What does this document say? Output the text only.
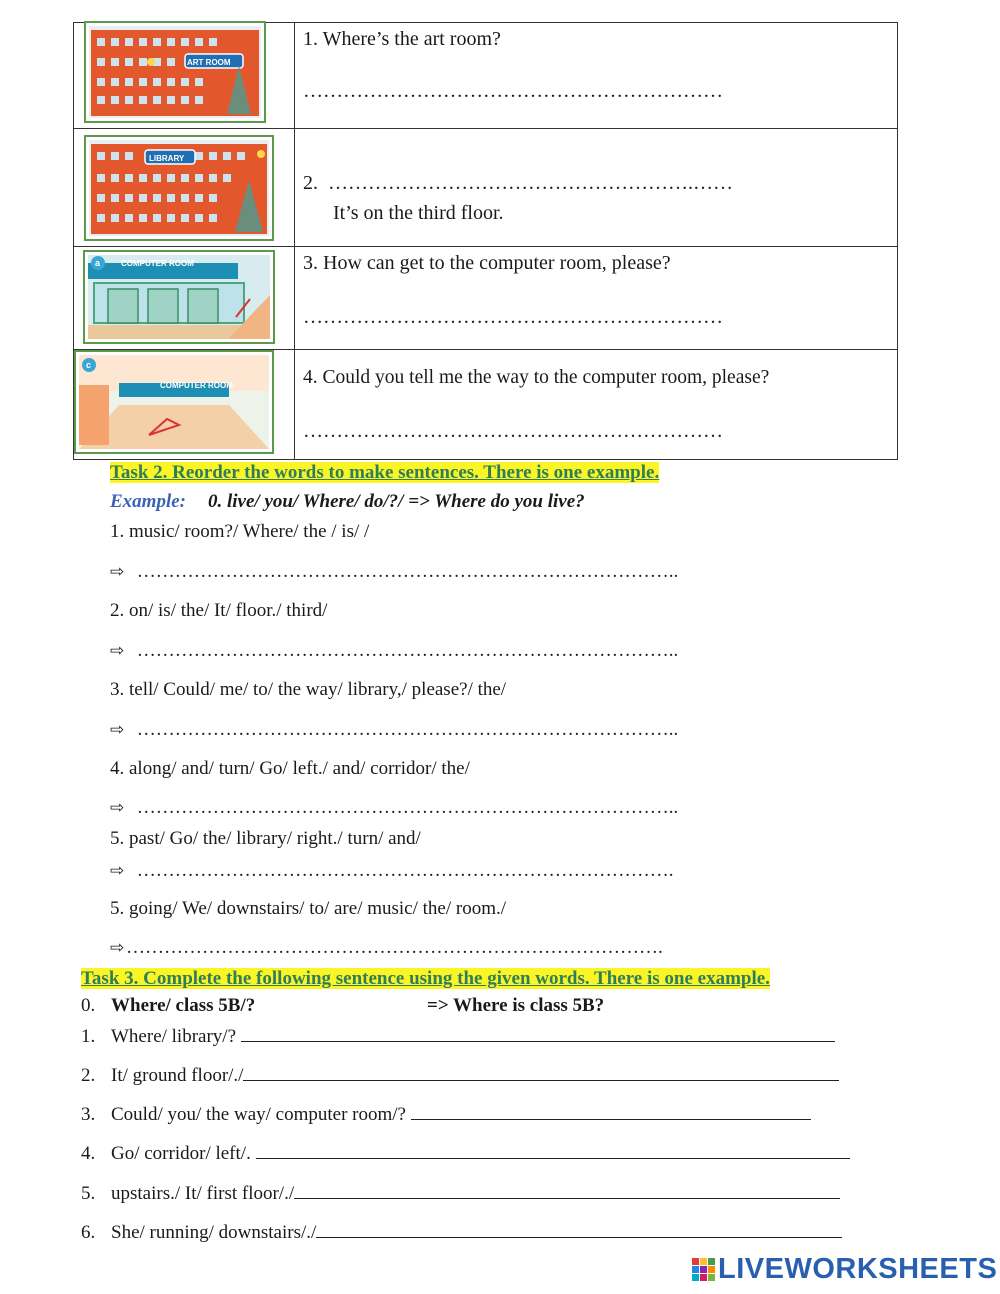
ART ROOM	1. Where’s the art room?
………………………………………………………

LIBRARY	2. ……………………………………………….……
It’s on the third floor.

a COMPUTER ROOM	3. How can get to the computer room, please?
………………………………………………………

c
COMPUTER ROOM	4. Could you tell me the way to the computer room, please?
………………………………………………………
Task 2. Reorder the words to make sentences. There is one example.
Example: 0. live/ you/ Where/ do/?/ => Where do you live?
1. music/ room?/ Where/ the / is/ /
⇨ …………………………………………………………………………..
2. on/ is/ the/ It/ floor./ third/
⇨ …………………………………………………………………………..
3. tell/ Could/ me/ to/ the way/ library,/ please?/ the/
⇨ …………………………………………………………………………..
4. along/ and/ turn/ Go/ left./ and/ corridor/ the/
⇨ …………………………………………………………………………..
5. past/ Go/ the/ library/ right./ turn/ and/
⇨ ………………………………………………………………………….
5. going/ We/ downstairs/ to/ are/ music/ the/ room./
⇨………………………………………………………………………….
Task 3. Complete the following sentence using the given words. There is one example.
0. Where/ class 5B/?	=> Where is class 5B?
1. Where/ library/?
2. It/ ground floor/./
3. Could/ you/ the way/ computer room/?
4. Go/ corridor/ left/.
5. upstairs./ It/ first floor/./
6. She/ running/ downstairs/./
LIVEWORKSHEETS
